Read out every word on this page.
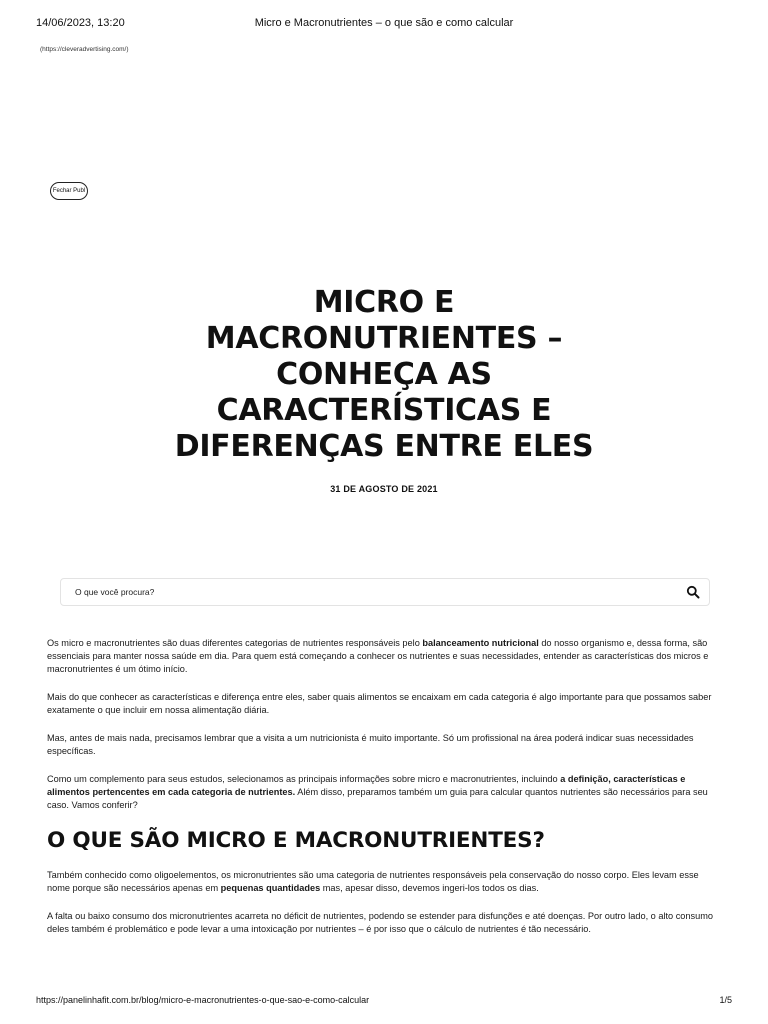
14/06/2023, 13:20	Micro e Macronutrientes – o que são e como calcular
(https://cleveradvertising.com/)
Fechar Publ
MICRO E MACRONUTRIENTES – CONHEÇA AS CARACTERÍSTICAS E DIFERENÇAS ENTRE ELES
31 DE AGOSTO DE 2021
O que você procura?

Os micro e macronutrientes são duas diferentes categorias de nutrientes responsáveis pelo balanceamento nutricional do nosso organismo e, dessa forma, são essenciais para manter nossa saúde em dia. Para quem está começando a conhecer os nutrientes e suas necessidades, entender as características dos micros e macronutrientes é um ótimo início.

Mais do que conhecer as características e diferença entre eles, saber quais alimentos se encaixam em cada categoria é algo importante para que possamos saber exatamente o que incluir em nossa alimentação diária.

Mas, antes de mais nada, precisamos lembrar que a visita a um nutricionista é muito importante. Só um profissional na área poderá indicar suas necessidades específicas.

Como um complemento para seus estudos, selecionamos as principais informações sobre micro e macronutrientes, incluindo a definição, características e alimentos pertencentes em cada categoria de nutrientes. Além disso, preparamos também um guia para calcular quantos nutrientes são necessários para seu caso. Vamos conferir?

O QUE SÃO MICRO E MACRONUTRIENTES?

Também conhecido como oligoelementos, os micronutrientes são uma categoria de nutrientes responsáveis pela conservação do nosso corpo. Eles levam esse nome porque são necessários apenas em pequenas quantidades mas, apesar disso, devemos ingeri-los todos os dias.

A falta ou baixo consumo dos micronutrientes acarreta no déficit de nutrientes, podendo se estender para disfunções e até doenças. Por outro lado, o alto consumo deles também é problemático e pode levar a uma intoxicação por nutrientes – é por isso que o cálculo de nutrientes é tão necessário.

https://panelinhafit.com.br/blog/micro-e-macronutrientes-o-que-sao-e-como-calcular	1/5
